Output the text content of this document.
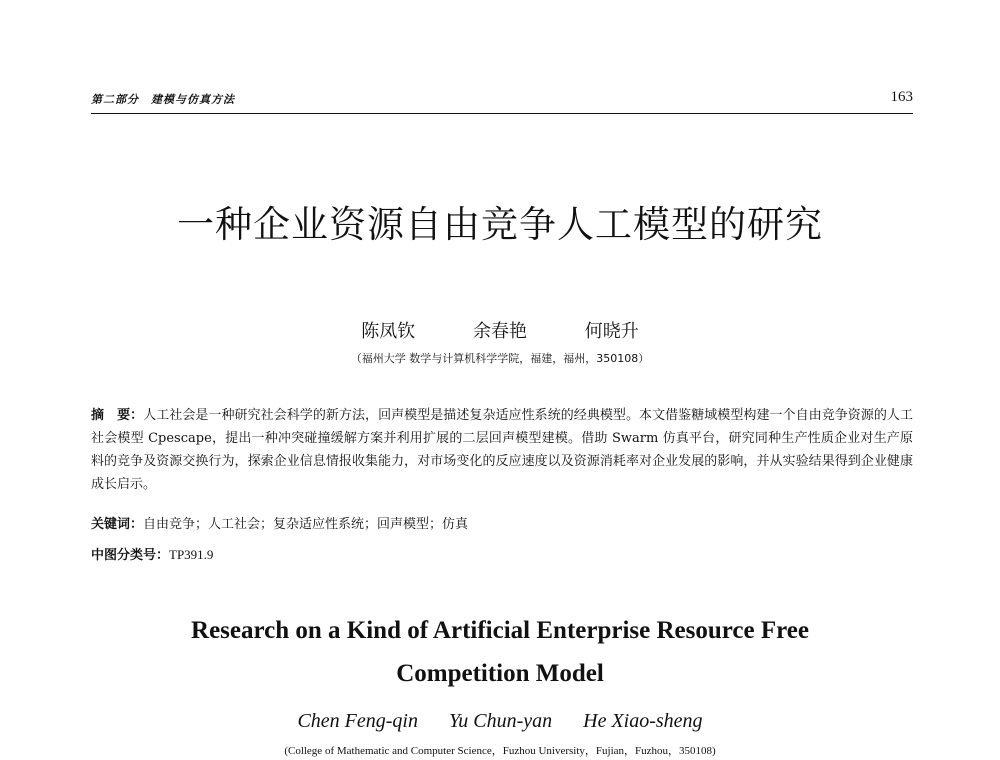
第二部分　建模与仿真方法	163
一种企业资源自由竞争人工模型的研究
陈凤钦	余春艳	何晓升
（福州大学 数学与计算机科学学院，福建，福州，350108）
摘　要：人工社会是一种研究社会科学的新方法，回声模型是描述复杂适应性系统的经典模型。本文借鉴糖域模型构建一个自由竞争资源的人工社会模型 Cpescape，提出一种冲突碰撞缓解方案并利用扩展的二层回声模型建模。借助 Swarm 仿真平台，研究同种生产性质企业对生产原料的竞争及资源交换行为，探索企业信息情报收集能力，对市场变化的反应速度以及资源消耗率对企业发展的影响，并从实验结果得到企业健康成长启示。
关键词：自由竞争；人工社会；复杂适应性系统；回声模型；仿真
中图分类号：TP391.9
Research on a Kind of Artificial Enterprise Resource Free
Competition Model
Chen Feng-qin Yu Chun-yan He Xiao-sheng
(College of Mathematic and Computer Science，Fuzhou University，Fujian，Fuzhou，350108)
